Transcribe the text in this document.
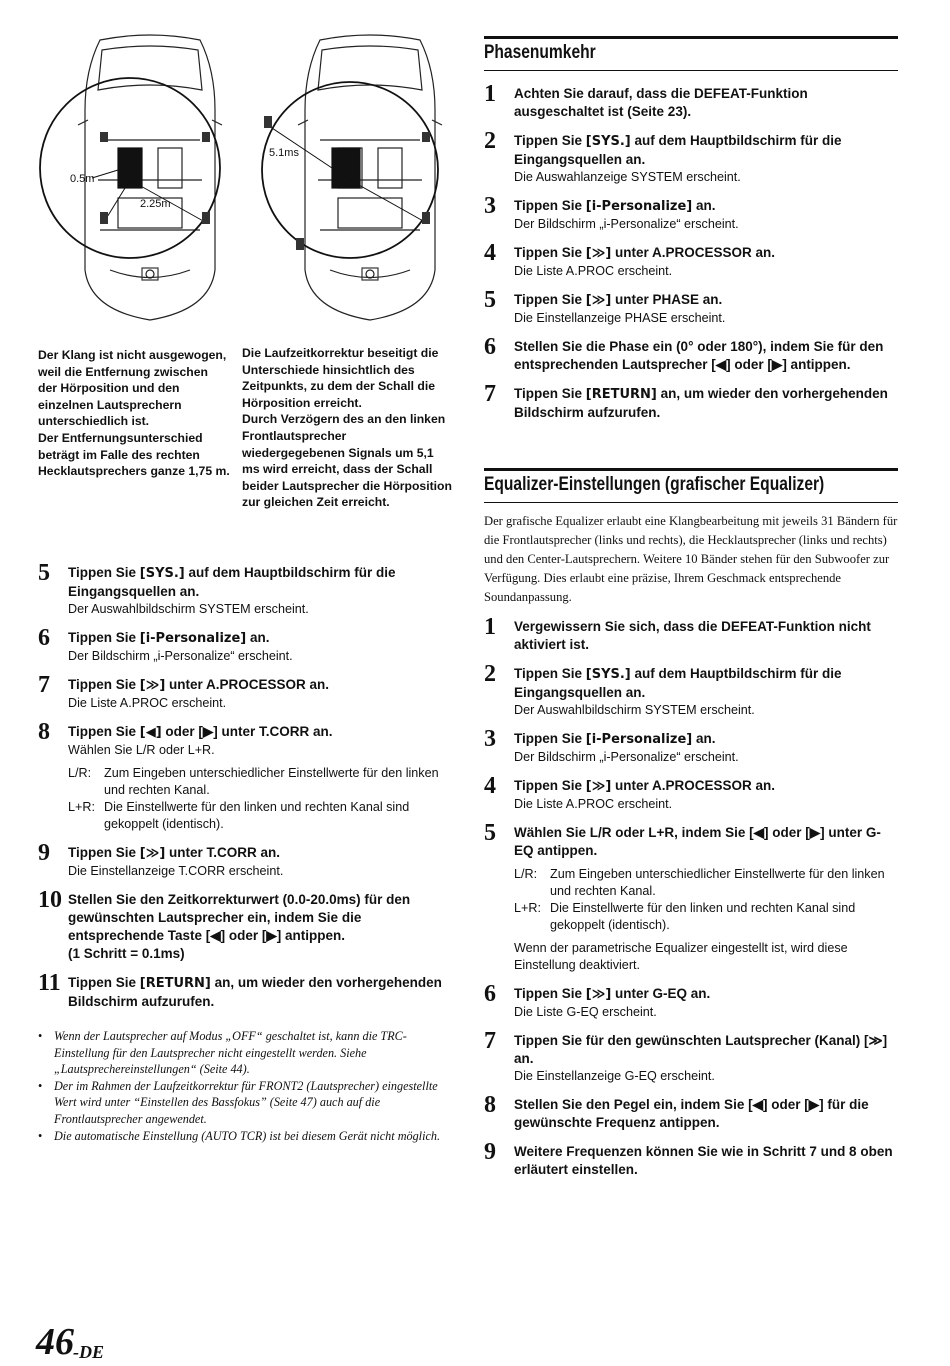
0.5m
2.25m
5.1ms
Der Klang ist nicht ausgewogen, weil die Entfernung zwischen der Hörposition und den einzelnen Lautsprechern unterschiedlich ist.
Der Entfernungsunterschied beträgt im Falle des rechten Hecklautsprechers ganze 1,75 m.
Die Laufzeitkorrektur beseitigt die Unterschiede hinsichtlich des Zeitpunkts, zu dem der Schall die Hörposition erreicht.
Durch Verzögern des an den linken Frontlautsprecher wiedergegebenen Signals um 5,1 ms wird erreicht, dass der Schall beider Lautsprecher die Hörposition zur gleichen Zeit erreicht.
5 Tippen Sie [SYS.] auf dem Hauptbildschirm für die Eingangsquellen an.
Der Auswahlbildschirm SYSTEM erscheint.
6 Tippen Sie [i-Personalize] an.
Der Bildschirm „i-Personalize“ erscheint.
7 Tippen Sie [≫] unter A.PROCESSOR an.
Die Liste A.PROC erscheint.
8 Tippen Sie [◀] oder [▶] unter T.CORR an.
Wählen Sie L/R oder L+R.
L/R:	Zum Eingeben unterschiedlicher Einstellwerte für den linken und rechten Kanal.
L+R: Die Einstellwerte für den linken und rechten Kanal sind gekoppelt (identisch).
9 Tippen Sie [≫] unter T.CORR an.
Die Einstellanzeige T.CORR erscheint.
10 Stellen Sie den Zeitkorrekturwert (0.0-20.0ms) für den gewünschten Lautsprecher ein, indem Sie die entsprechende Taste [◀] oder [▶] antippen.
(1 Schritt = 0.1ms)
11 Tippen Sie [RETURN] an, um wieder den vorhergehenden Bildschirm aufzurufen.
• Wenn der Lautsprecher auf Modus „OFF“ geschaltet ist, kann die TRC-Einstellung für den Lautsprecher nicht eingestellt werden. Siehe „Lautsprechereinstellungen“ (Seite 44).
• Der im Rahmen der Laufzeitkorrektur für FRONT2 (Lautsprecher) eingestellte Wert wird unter “Einstellen des Bassfokus” (Seite 47) auch auf die Frontlautsprecher angewendet.
• Die automatische Einstellung (AUTO TCR) ist bei diesem Gerät nicht möglich.
Phasenumkehr
1 Achten Sie darauf, dass die DEFEAT-Funktion ausgeschaltet ist (Seite 23).
2 Tippen Sie [SYS.] auf dem Hauptbildschirm für die Eingangsquellen an.
Die Auswahlanzeige SYSTEM erscheint.
3 Tippen Sie [i-Personalize] an.
Der Bildschirm „i-Personalize“ erscheint.
4 Tippen Sie [≫] unter A.PROCESSOR an.
Die Liste A.PROC erscheint.
5 Tippen Sie [≫] unter PHASE an.
Die Einstellanzeige PHASE erscheint.
6 Stellen Sie die Phase ein (0° oder 180°), indem Sie für den entsprechenden Lautsprecher [◀] oder [▶] antippen.
7 Tippen Sie [RETURN] an, um wieder den vorhergehenden Bildschirm aufzurufen.
Equalizer-Einstellungen (grafischer Equalizer)
Der grafische Equalizer erlaubt eine Klangbearbeitung mit jeweils 31 Bändern für die Frontlautsprecher (links und rechts), die Hecklautsprecher (links und rechts) und den Center-Lautsprechern. Weitere 10 Bänder stehen für den Subwoofer zur Verfügung. Dies erlaubt eine präzise, Ihrem Geschmack entsprechende Soundanpassung.
1 Vergewissern Sie sich, dass die DEFEAT-Funktion nicht aktiviert ist.
2 Tippen Sie [SYS.] auf dem Hauptbildschirm für die Eingangsquellen an.
Der Auswahlbildschirm SYSTEM erscheint.
3 Tippen Sie [i-Personalize] an.
Der Bildschirm „i-Personalize“ erscheint.
4 Tippen Sie [≫] unter A.PROCESSOR an.
Die Liste A.PROC erscheint.
5 Wählen Sie L/R oder L+R, indem Sie [◀] oder [▶] unter G-EQ antippen.
L/R:	Zum Eingeben unterschiedlicher Einstellwerte für den linken und rechten Kanal.
L+R: Die Einstellwerte für den linken und rechten Kanal sind gekoppelt (identisch).
Wenn der parametrische Equalizer eingestellt ist, wird diese Einstellung deaktiviert.
6 Tippen Sie [≫] unter G-EQ an.
Die Liste G-EQ erscheint.
7 Tippen Sie für den gewünschten Lautsprecher (Kanal) [≫] an.
Die Einstellanzeige G-EQ erscheint.
8 Stellen Sie den Pegel ein, indem Sie [◀] oder [▶] für die gewünschte Frequenz antippen.
9 Weitere Frequenzen können Sie wie in Schritt 7 und 8 oben erläutert einstellen.
46 -DE
